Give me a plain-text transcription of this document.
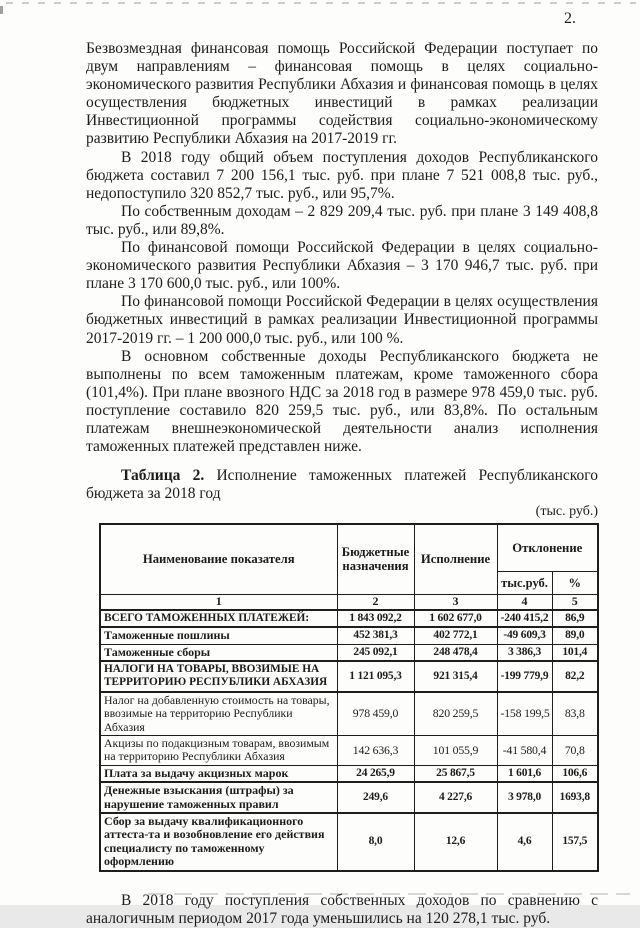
2.

Безвозмездная финансовая помощь Российской Федерации поступает по двум направлениям – финансовая помощь в целях социально-экономического развития Республики Абхазия и финансовая помощь в целях осуществления бюджетных инвестиций в рамках реализации Инвестиционной программы содействия социально-экономическому развитию Республики Абхазия на 2017-2019 гг.

В 2018 году общий объем поступления доходов Республиканского бюджета составил 7 200 156,1 тыс. руб. при плане 7 521 008,8 тыс. руб., недопоступило 320 852,7 тыс. руб., или 95,7%.

По собственным доходам – 2 829 209,4 тыс. руб. при плане 3 149 408,8 тыс. руб., или 89,8%.

По финансовой помощи Российской Федерации в целях социально-экономического развития Республики Абхазия – 3 170 946,7 тыс. руб. при плане 3 170 600,0 тыс. руб., или 100%.

По финансовой помощи Российской Федерации в целях осуществления бюджетных инвестиций в рамках реализации Инвестиционной программы 2017-2019 гг. – 1 200 000,0 тыс. руб., или 100 %.

В основном собственные доходы Республиканского бюджета не выполнены по всем таможенным платежам, кроме таможенного сбора (101,4%). При плане ввозного НДС за 2018 год в размере 978 459,0 тыс. руб. поступление составило 820 259,5 тыс. руб., или 83,8%. По остальным платежам внешнеэкономической деятельности анализ исполнения таможенных платежей представлен ниже.

Таблица 2. Исполнение таможенных платежей Республиканского бюджета за 2018 год

(тыс. руб.)

Наименование показателя	Бюджетные назначения	Исполнение	Отклонение	
			тыс.руб.	%
1	2	3	4	5
ВСЕГО ТАМОЖЕННЫХ ПЛАТЕЖЕЙ:	1 843 092,2	1 602 677,0	-240 415,2	86,9
Таможенные пошлины	452 381,3	402 772,1	-49 609,3	89,0
Таможенные сборы	245 092,1	248 478,4	3 386,3	101,4
НАЛОГИ НА ТОВАРЫ, ВВОЗИМЫЕ НА ТЕРРИТОРИЮ РЕСПУБЛИКИ АБХАЗИЯ	1 121 095,3	921 315,4	-199 779,9	82,2
Налог на добавленную стоимость на товары, ввозимые на территорию Республики Абхазия	978 459,0	820 259,5	-158 199,5	83,8
Акцизы по подакцизным товарам, ввозимым на территорию Республики Абхазия	142 636,3	101 055,9	-41 580,4	70,8
Плата за выдачу акцизных марок	24 265,9	25 867,5	1 601,6	106,6
Денежные взыскания (штрафы) за нарушение таможенных правил	249,6	4 227,6	3 978,0	1693,8
Сбор за выдачу квалификационного аттеста-та и возобновление его действия специалисту по таможенному оформлению	8,0	12,6	4,6	157,5

В 2018 году поступления собственных доходов по сравнению с аналогичным периодом 2017 года уменьшились на 120 278,1 тыс. руб.
